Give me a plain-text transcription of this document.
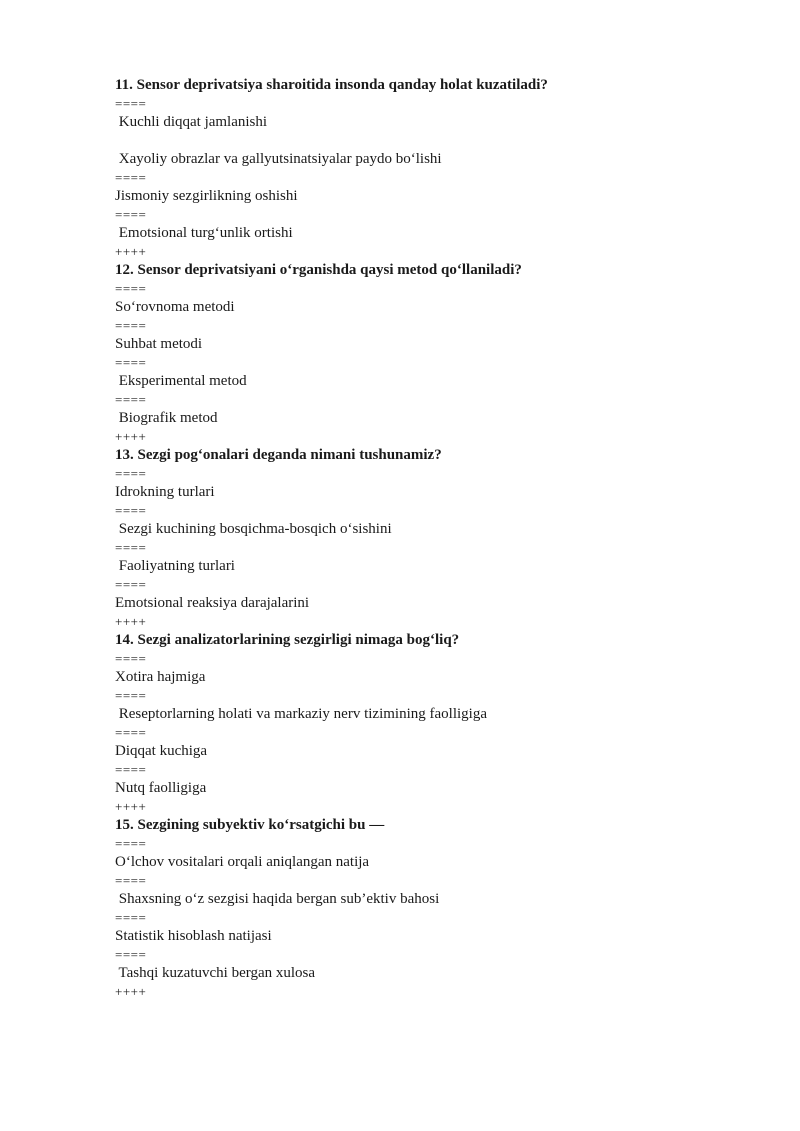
11. Sensor deprivatsiya sharoitida insonda qanday holat kuzatiladi?
====
Kuchli diqqat jamlanishi
Xayoliy obrazlar va gallyutsinatsiyalar paydo bo‘lishi
====
Jismoniy sezgirlikning oshishi
====
Emotsional turg‘unlik ortishi
++++
12. Sensor deprivatsiyani o‘rganishda qaysi metod qo‘llaniladi?
====
So‘rovnoma metodi
====
Suhbat metodi
====
Eksperimental metod
====
Biografik metod
++++
13. Sezgi pog‘onalari deganda nimani tushunamiz?
====
Idrokning turlari
====
Sezgi kuchining bosqichma-bosqich o‘sishini
====
Faoliyatning turlari
====
Emotsional reaksiya darajalarini
++++
14. Sezgi analizatorlarining sezgirligi nimaga bog‘liq?
====
Xotira hajmiga
====
Reseptorlarning holati va markaziy nerv tizimining faolligiga
====
Diqqat kuchiga
====
Nutq faolligiga
++++
15. Sezgining subyektiv ko‘rsatgichi bu —
====
O‘lchov vositalari orqali aniqlangan natija
====
Shaxsning o‘z sezgisi haqida bergan sub’ektiv bahosi
====
Statistik hisoblash natijasi
====
Tashqi kuzatuvchi bergan xulosa
++++
